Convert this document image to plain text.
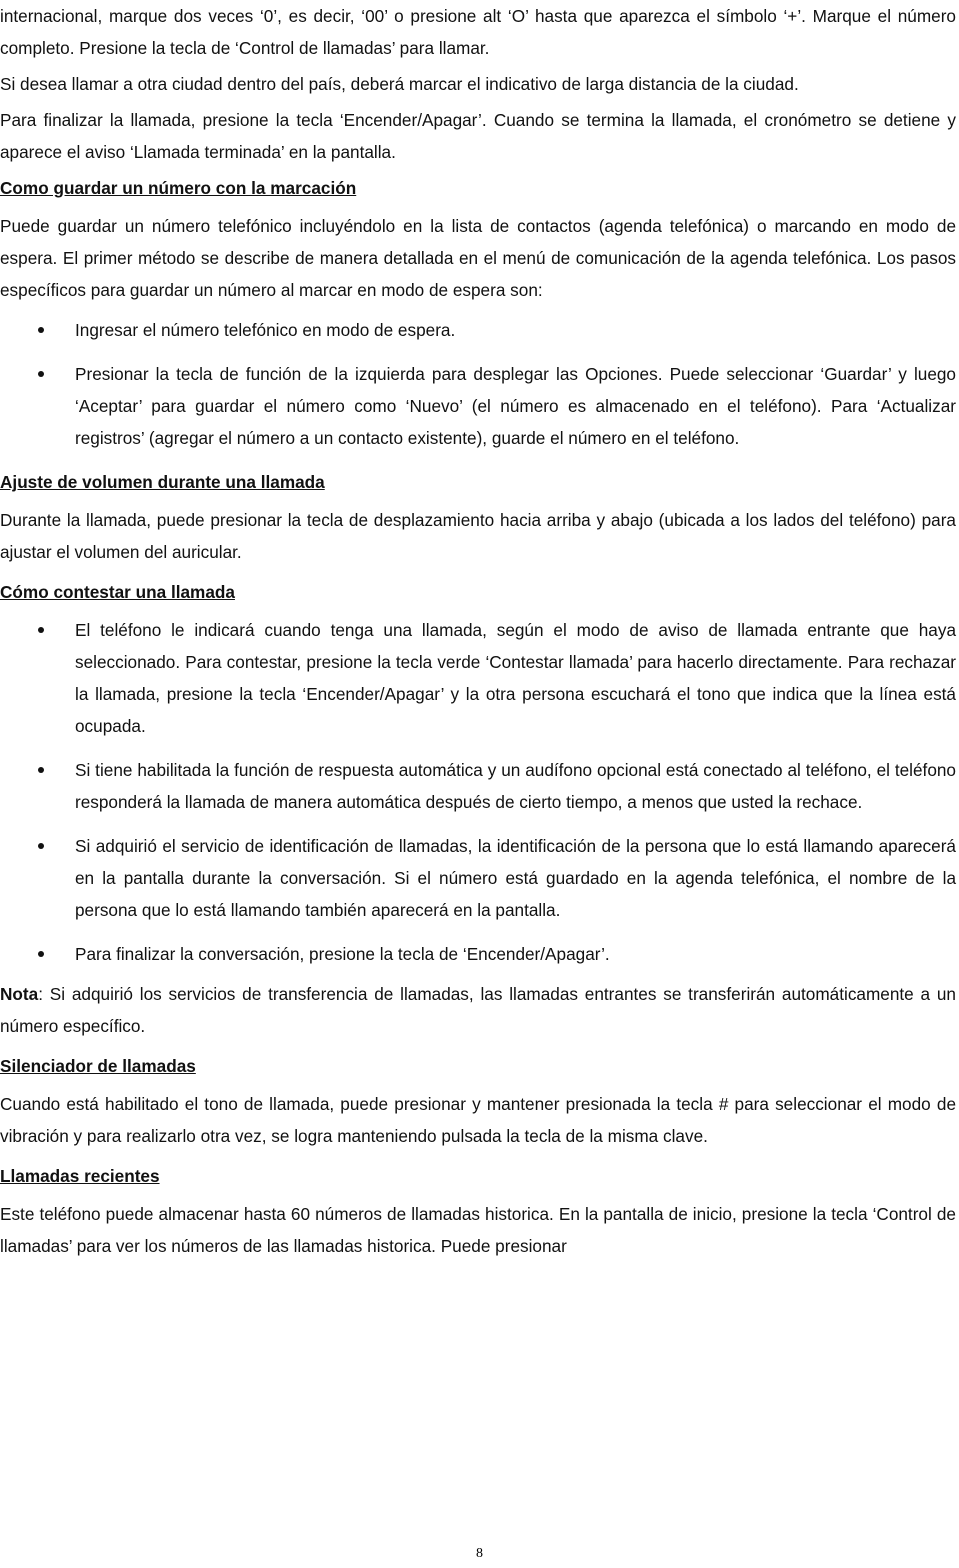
internacional, marque dos veces ‘0’, es decir, ‘00’ o presione alt ‘O’ hasta que aparezca el símbolo ‘+’. Marque el número completo. Presione la tecla de ‘Control de llamadas’ para llamar.

Si desea llamar a otra ciudad dentro del país, deberá marcar el indicativo de larga distancia de la ciudad.

Para finalizar la llamada, presione la tecla ‘Encender/Apagar’. Cuando se termina la llamada, el cronómetro se detiene y aparece el aviso ‘Llamada terminada’ en la pantalla.

Como guardar un número con la marcación

Puede guardar un número telefónico incluyéndolo en la lista de contactos (agenda telefónica) o marcando en modo de espera. El primer método se describe de manera detallada en el menú de comunicación de la agenda telefónica. Los pasos específicos para guardar un número al marcar en modo de espera son:

Ingresar el número telefónico en modo de espera.
Presionar la tecla de función de la izquierda para desplegar las Opciones. Puede seleccionar ‘Guardar’ y luego ‘Aceptar’ para guardar el número como ‘Nuevo’ (el número es almacenado en el teléfono). Para ‘Actualizar registros’ (agregar el número a un contacto existente), guarde el número en el teléfono.
Ajuste de volumen durante una llamada

Durante la llamada, puede presionar la tecla de desplazamiento hacia arriba y abajo (ubicada a los lados del teléfono) para ajustar el volumen del auricular.

Cómo contestar una llamada
El teléfono le indicará cuando tenga una llamada, según el modo de aviso de llamada entrante que haya seleccionado. Para contestar, presione la tecla verde ‘Contestar llamada’ para hacerlo directamente. Para rechazar la llamada, presione la tecla ‘Encender/Apagar’ y la otra persona escuchará el tono que indica que la línea está ocupada.
Si tiene habilitada la función de respuesta automática y un audífono opcional está conectado al teléfono, el teléfono responderá la llamada de manera automática después de cierto tiempo, a menos que usted la rechace.
Si adquirió el servicio de identificación de llamadas, la identificación de la persona que lo está llamando aparecerá en la pantalla durante la conversación. Si el número está guardado en la agenda telefónica, el nombre de la persona que lo está llamando también aparecerá en la pantalla.
Para finalizar la conversación, presione la tecla de ‘Encender/Apagar’.

Nota: Si adquirió los servicios de transferencia de llamadas, las llamadas entrantes se transferirán automáticamente a un número específico.

Silenciador de llamadas

Cuando está habilitado el tono de llamada, puede presionar y mantener presionada la tecla # para seleccionar el modo de vibración y para realizarlo otra vez, se logra manteniendo pulsada la tecla de la misma clave.

Llamadas recientes

Este teléfono puede almacenar hasta 60 números de llamadas historica. En la pantalla de inicio, presione la tecla ‘Control de llamadas’ para ver los números de las llamadas historica. Puede presionar

8
